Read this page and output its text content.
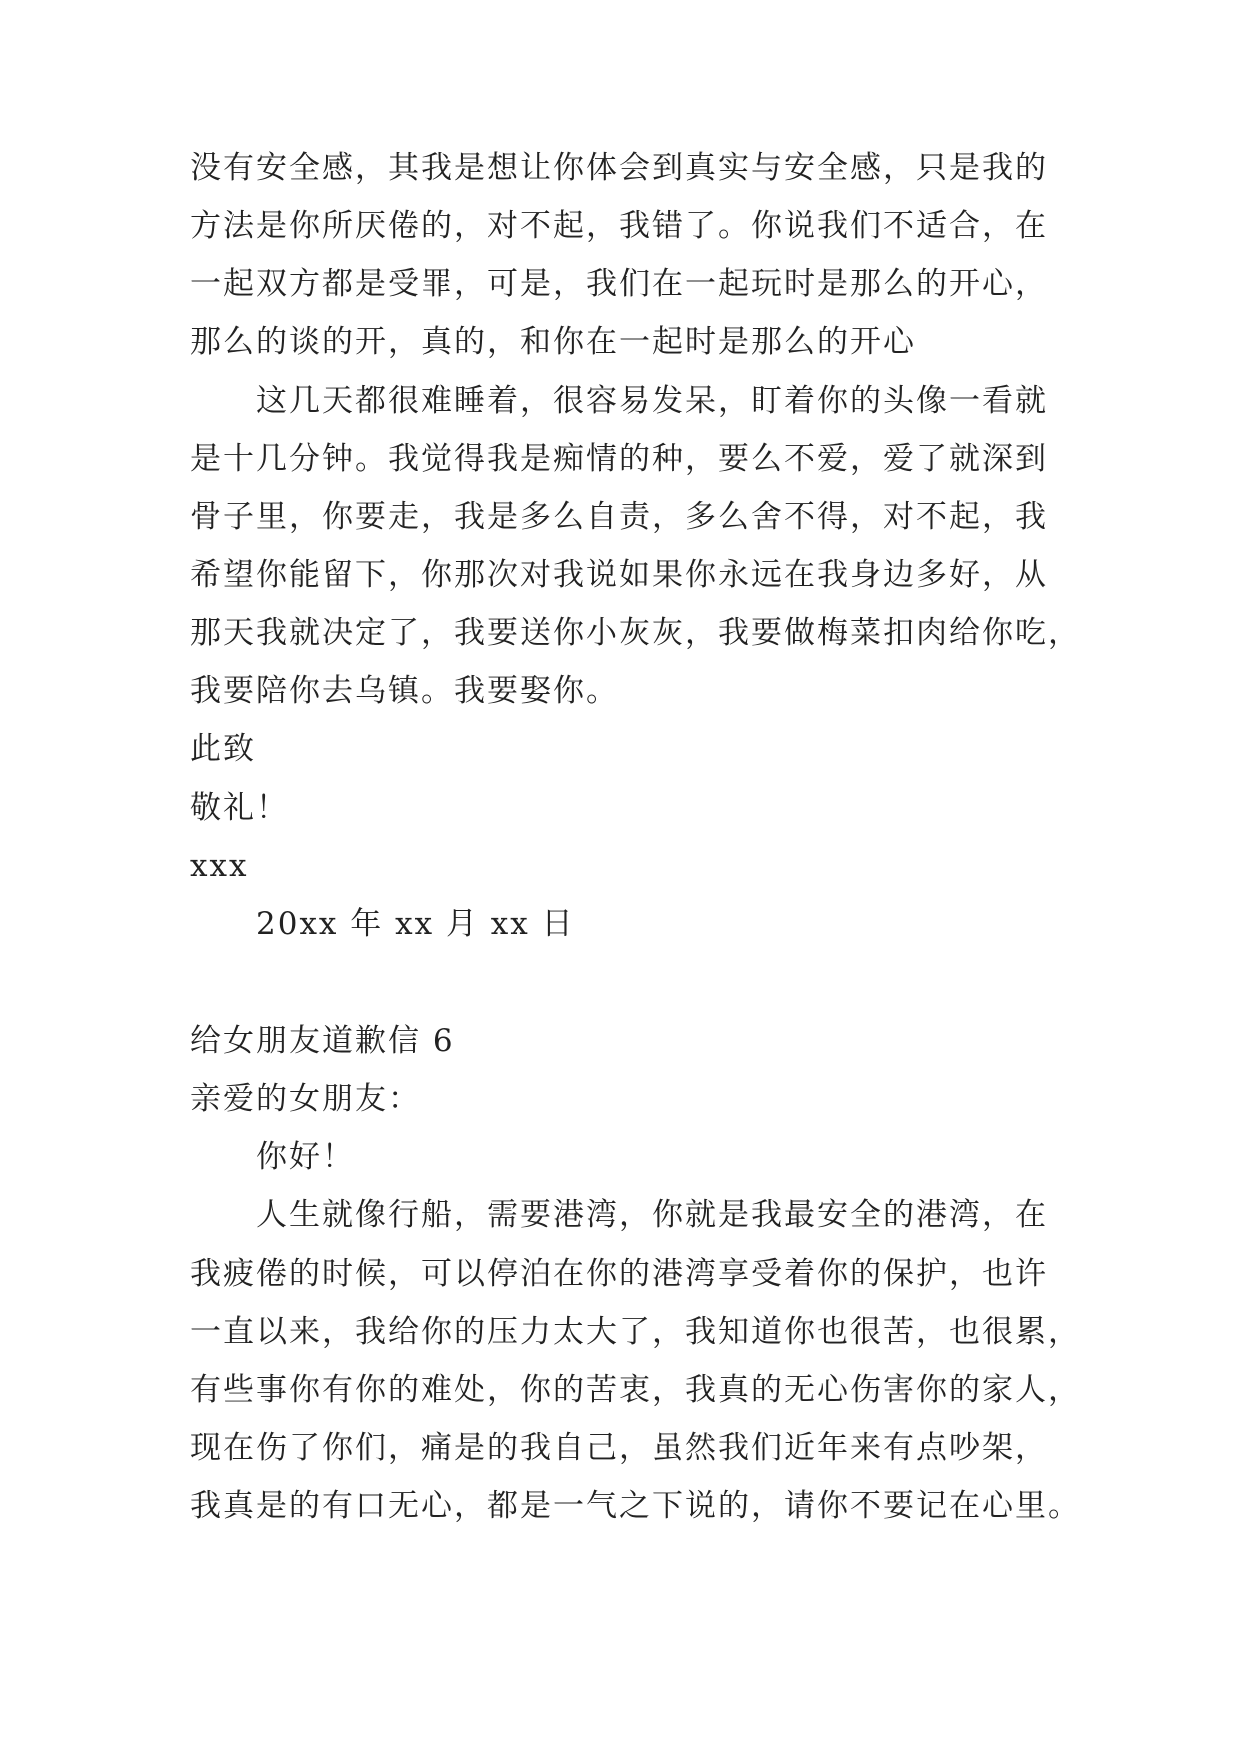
没有安全感，其我是想让你体会到真实与安全感，只是我的
方法是你所厌倦的，对不起，我错了。你说我们不适合，在
一起双方都是受罪，可是，我们在一起玩时是那么的开心，
那么的谈的开，真的，和你在一起时是那么的开心
这几天都很难睡着，很容易发呆，盯着你的头像一看就
是十几分钟。我觉得我是痴情的种，要么不爱，爱了就深到
骨子里，你要走，我是多么自责，多么舍不得，对不起，我
希望你能留下，你那次对我说如果你永远在我身边多好，从
那天我就决定了，我要送你小灰灰，我要做梅菜扣肉给你吃，
我要陪你去乌镇。我要娶你。
此致
敬礼！
xxx
20xx 年 xx 月 xx 日
给女朋友道歉信 6
亲爱的女朋友：
你好！
人生就像行船，需要港湾，你就是我最安全的港湾，在
我疲倦的时候，可以停泊在你的港湾享受着你的保护，也许
一直以来，我给你的压力太大了，我知道你也很苦，也很累，
有些事你有你的难处，你的苦衷，我真的无心伤害你的家人，
现在伤了你们，痛是的我自己，虽然我们近年来有点吵架，
我真是的有口无心，都是一气之下说的，请你不要记在心里。
